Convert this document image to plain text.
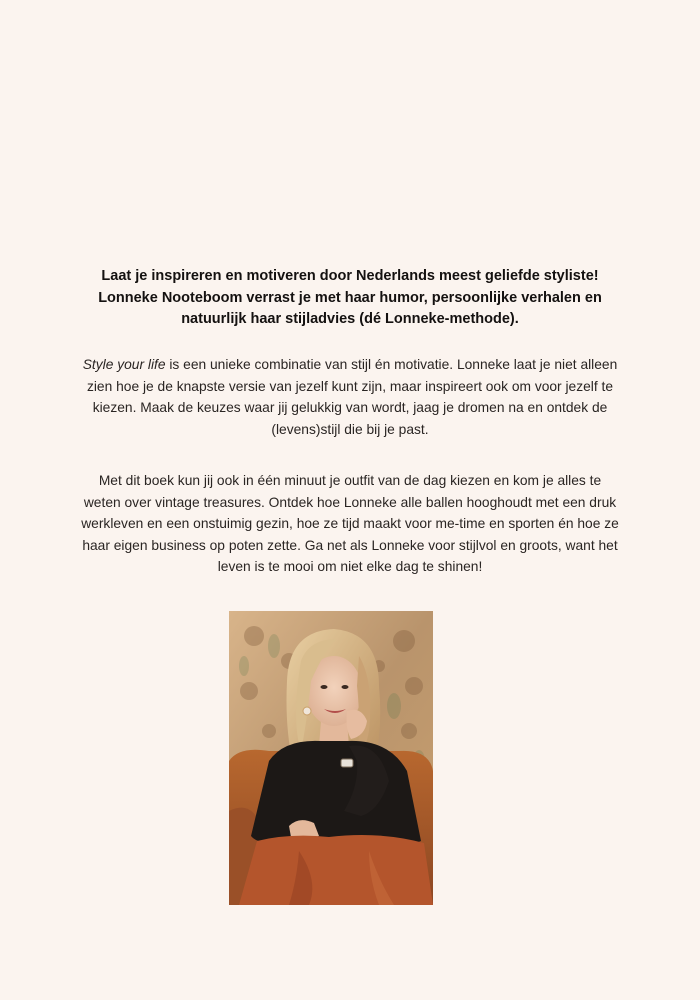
Laat je inspireren en motiveren door Nederlands meest geliefde styliste! Lonneke Nooteboom verrast je met haar humor, persoonlijke verhalen en natuurlijk haar stijladvies (dé Lonneke-methode).
Style your life is een unieke combinatie van stijl én motivatie. Lonneke laat je niet alleen zien hoe je de knapste versie van jezelf kunt zijn, maar inspireert ook om voor jezelf te kiezen. Maak de keuzes waar jij gelukkig van wordt, jaag je dromen na en ontdek de (levens)stijl die bij je past.
Met dit boek kun jij ook in één minuut je outfit van de dag kiezen en kom je alles te weten over vintage treasures. Ontdek hoe Lonneke alle ballen hooghoudt met een druk werkleven en een onstuimig gezin, hoe ze tijd maakt voor me-time en sporten én hoe ze haar eigen business op poten zette. Ga net als Lonneke voor stijlvol en groots, want het leven is te mooi om niet elke dag te shinen!
